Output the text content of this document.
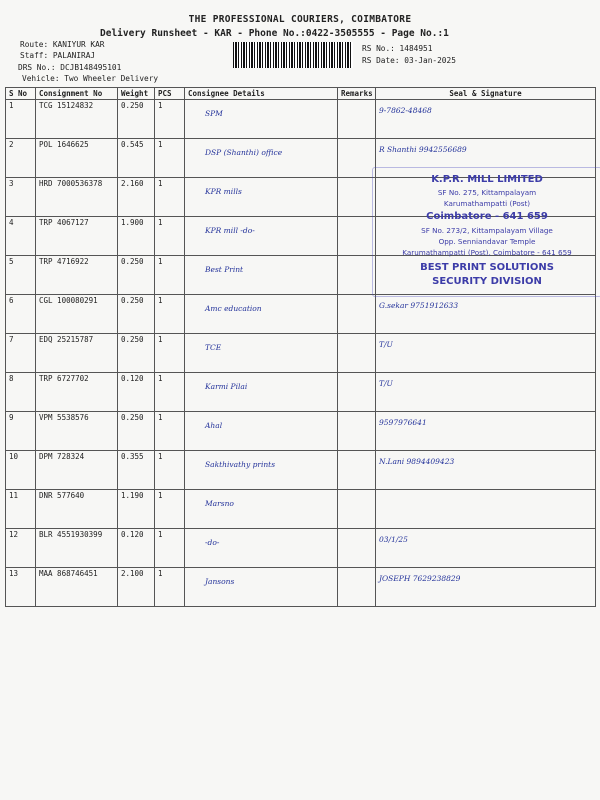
THE PROFESSIONAL COURIERS, COIMBATORE
Delivery Runsheet - KAR - Phone No.:0422-3505555 - Page No.:1
Route: KANIYUR KAR
Staff: PALANIRAJ
DRS No.: DCJB148495101
Vehicle: Two Wheeler Delivery
RS No.: 1484951
RS Date: 03-Jan-2025
S No	Consignment No	Weight	PCS	Consignee Details	Remarks	Seal & Signature
1	TCG 15124832	0.250	1	SPM		9-7862-48468
2	POL 1646625	0.545	1	DSP (Shanthi) office		R Shanthi 9942556689
3	HRD 7000536378	2.160	1	KPR mills		
4	TRP 4067127	1.900	1	KPR mill -do-		
5	TRP 4716922	0.250	1	Best Print		
6	CGL 100080291	0.250	1	Amc education		G.sekar 9751912633
7	EDQ 25215787	0.250	1	TCE		T/U
8	TRP 6727702	0.120	1	Karmi Pilai		T/U
9	VPM 5538576	0.250	1	Ahal		9597976641
10	DPM 728324	0.355	1	Sakthivathy prints		N.Lani 9894409423
11	DNR 577640	1.190	1	Marsno		
12	BLR 4551930399	0.120	1	-do-		03/1/25
13	MAA 868746451	2.100	1	Jansons		JOSEPH 7629238829
K.P.R. MILL LIMITED
SF No. 275, Kittampalayam
Karumathampatti (Post)
Coimbatore - 641 659
SF No. 273/2, Kittampalayam Village
Opp. Senniandavar Temple
Karumathampatti (Post), Coimbatore - 641 659
BEST PRINT SOLUTIONS
SECURITY DIVISION
